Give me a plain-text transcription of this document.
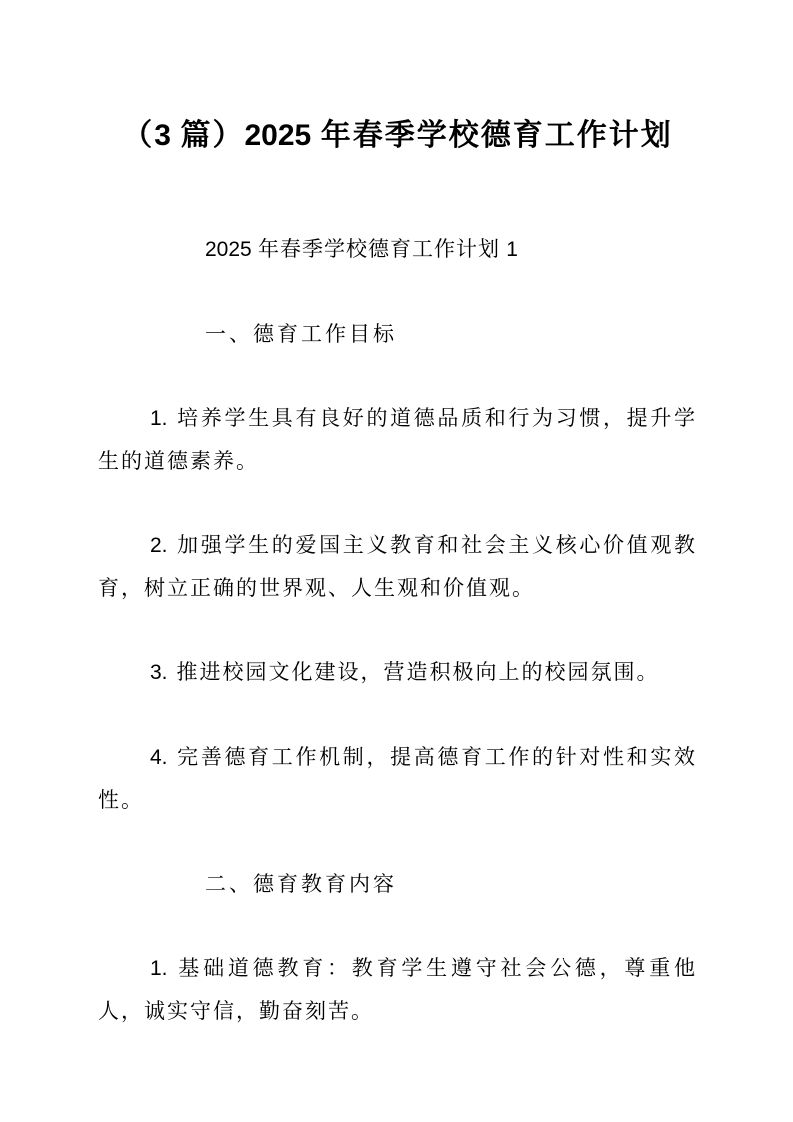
（3 篇）2025 年春季学校德育工作计划

2025 年春季学校德育工作计划 1

一、德育工作目标

1. 培养学生具有良好的道德品质和行为习惯，提升学生的道德素养。

2. 加强学生的爱国主义教育和社会主义核心价值观教育，树立正确的世界观、人生观和价值观。

3. 推进校园文化建设，营造积极向上的校园氛围。

4. 完善德育工作机制，提高德育工作的针对性和实效性。

二、德育教育内容

1. 基础道德教育：教育学生遵守社会公德，尊重他人，诚实守信，勤奋刻苦。
